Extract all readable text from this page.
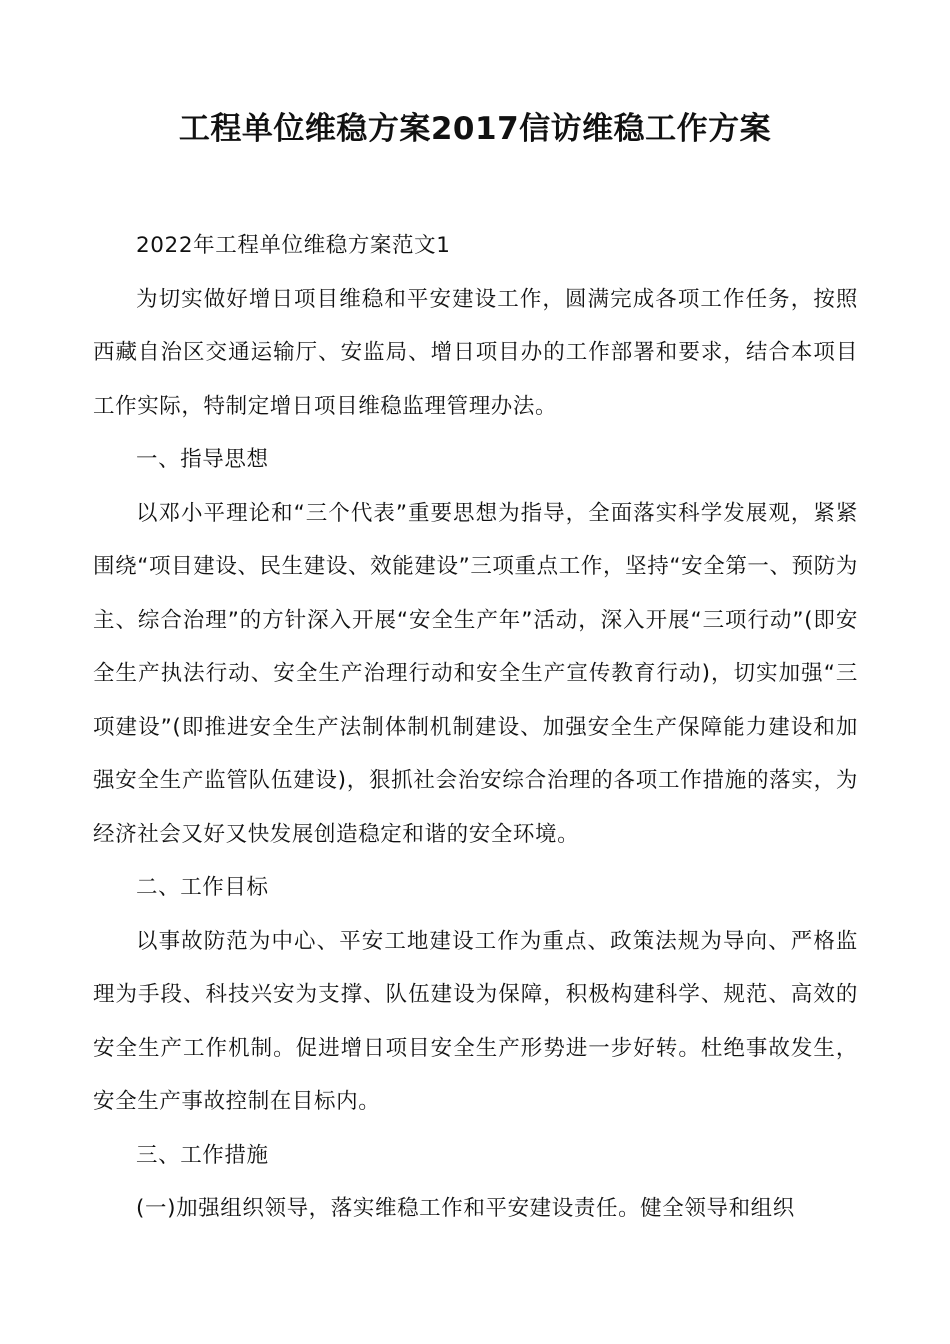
工程单位维稳方案2017信访维稳工作方案

2022年工程单位维稳方案范文1

为切实做好增日项目维稳和平安建设工作，圆满完成各项工作任务，按照西藏自治区交通运输厅、安监局、增日项目办的工作部署和要求，结合本项目工作实际，特制定增日项目维稳监理管理办法。

一、指导思想

以邓小平理论和“三个代表”重要思想为指导，全面落实科学发展观，紧紧围绕“项目建设、民生建设、效能建设”三项重点工作，坚持“安全第一、预防为主、综合治理”的方针深入开展“安全生产年”活动，深入开展“三项行动”(即安全生产执法行动、安全生产治理行动和安全生产宣传教育行动)，切实加强“三项建设”(即推进安全生产法制体制机制建设、加强安全生产保障能力建设和加强安全生产监管队伍建设)，狠抓社会治安综合治理的各项工作措施的落实，为经济社会又好又快发展创造稳定和谐的安全环境。

二、工作目标

以事故防范为中心、平安工地建设工作为重点、政策法规为导向、严格监理为手段、科技兴安为支撑、队伍建设为保障，积极构建科学、规范、高效的安全生产工作机制。促进增日项目安全生产形势进一步好转。杜绝事故发生，安全生产事故控制在目标内。

三、工作措施

(一)加强组织领导，落实维稳工作和平安建设责任。健全领导和组织
